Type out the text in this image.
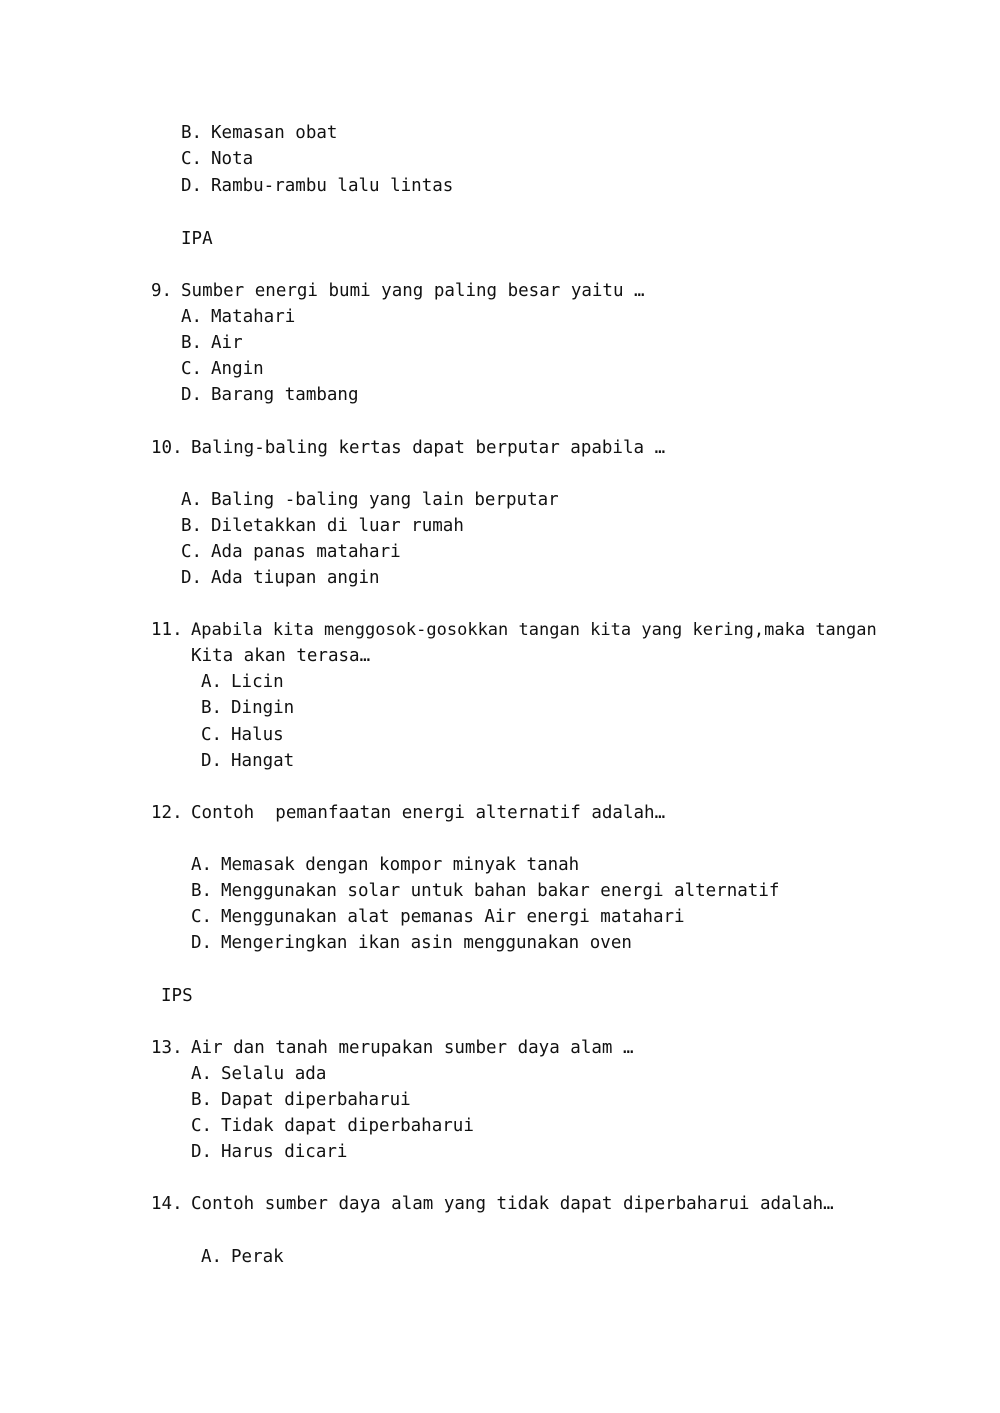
B. Kemasan obat
C. Nota
D. Rambu-rambu lalu lintas
IPA
9. Sumber energi bumi yang paling besar yaitu …
A. Matahari
B. Air
C. Angin
D. Barang tambang
10. Baling-baling kertas dapat berputar apabila …
A. Baling -baling yang lain berputar
B. Diletakkan di luar rumah
C. Ada panas matahari
D. Ada tiupan angin
11. Apabila kita menggosok-gosokkan tangan kita yang kering,maka tangan
Kita akan terasa…
A. Licin
B. Dingin
C. Halus
D. Hangat
12. Contoh  pemanfaatan energi alternatif adalah…
A. Memasak dengan kompor minyak tanah
B. Menggunakan solar untuk bahan bakar energi alternatif
C. Menggunakan alat pemanas Air energi matahari
D. Mengeringkan ikan asin menggunakan oven
IPS
13. Air dan tanah merupakan sumber daya alam …
A. Selalu ada
B. Dapat diperbaharui
C. Tidak dapat diperbaharui
D. Harus dicari
14. Contoh sumber daya alam yang tidak dapat diperbaharui adalah…
A. Perak
